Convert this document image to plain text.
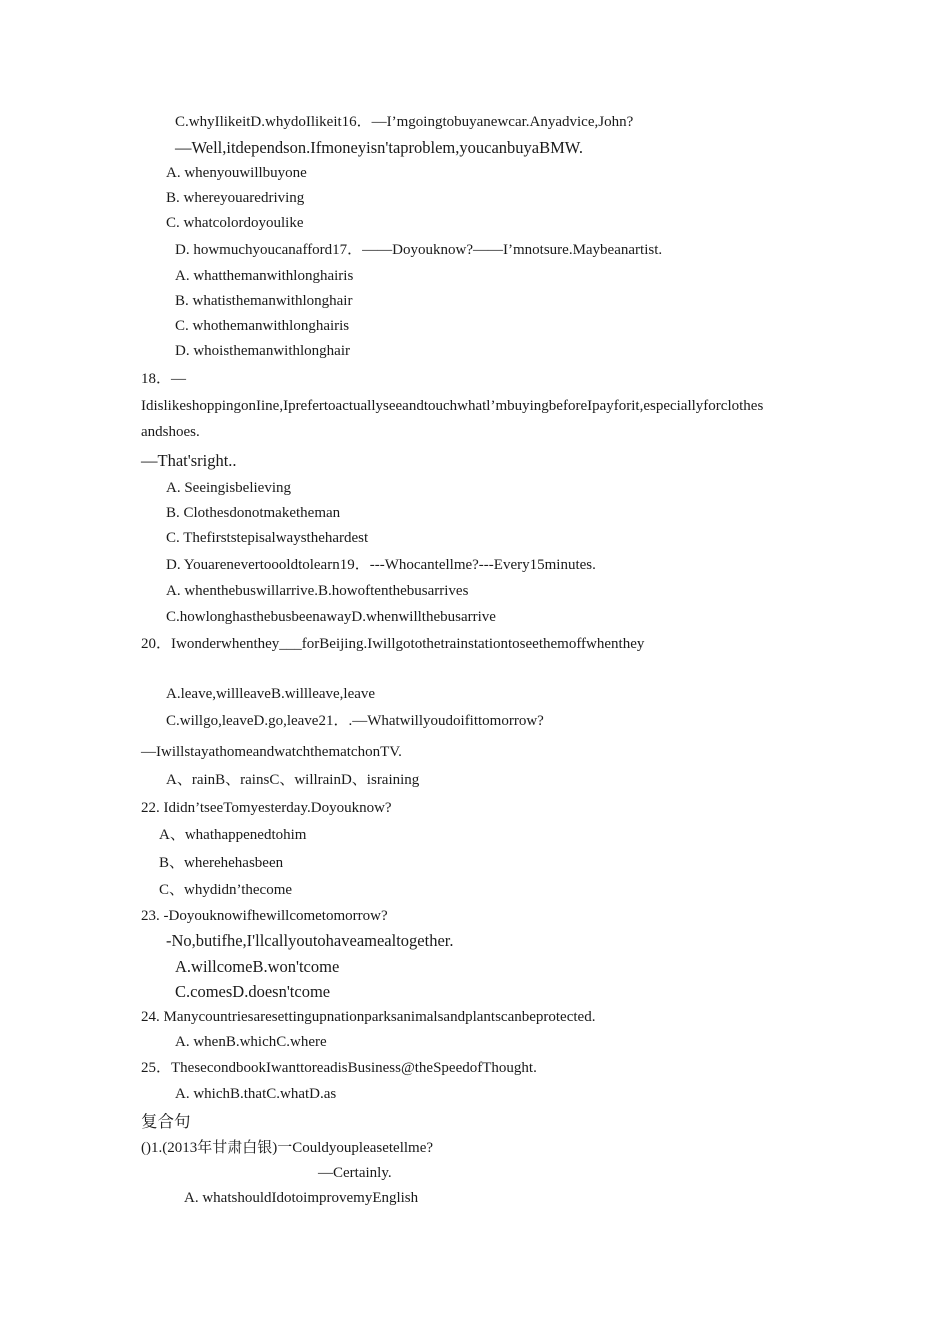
C.whyIlikeitD.whydoIlikeit16．—I’mgoingtobuyanewcar.Anyadvice,John?
—Well,itdependson.Ifmoneyisn'taproblem,youcanbuyaBMW.
A. whenyouwillbuyone
B. whereyouaredriving
C. whatcolordoyoulike
D. howmuchyoucanafford17．——Doyouknow?——I’mnotsure.Maybeanartist.
A. whatthemanwithlonghairis
B. whatisthemanwithlonghair
C. whothemanwithlonghairis
D. whoisthemanwithlonghair
18．—
IdislikeshoppingonIine,Iprefertoactuallyseeandtouchwhatl’mbuyingbeforeIpayforit,especiallyforclothes
andshoes.
—That'sright..
A. Seeingisbelieving
B. Clothesdonotmaketheman
C. Thefirststepisalwaysthehardest
D. Youarenevertoooldtolearn19．---Whocantellme?---Every15minutes.
A. whenthebuswillarrive.B.howoftenthebusarrives
C.howlonghasthebusbeenawayD.whenwillthebusarrive
20．Iwonderwhenthey___forBeijing.Iwillgotothetrainstationtoseethemoffwhenthey
A.leave,willleaveB.willleave,leave
C.willgo,leaveD.go,leave21．.—Whatwillyoudoifittomorrow?
—IwillstayathomeandwatchthematchonTV.
A、rainB、rainsC、willrainD、israining
22. Ididn’tseeTomyesterday.Doyouknow?
A、whathappenedtohim
B、wherehehasbeen
C、whydidn’thecome
23. -Doyouknowifhewillcometomorrow?
-No,butifhe,I'llcallyoutohaveamealtogether.
A.willcomeB.won'tcome
C.comesD.doesn'tcome
24. Manycountriesaresettingupnationparksanimalsandplantscanbeprotected.
A. whenB.whichC.where
25．ThesecondbookIwanttoreadisBusiness@theSpeedofThought.
A. whichB.thatC.whatD.as
复合句
()1.(2013年甘肃白银)一Couldyoupleasetellme?
—Certainly.
A. whatshouldIdotoimprovemyEnglish
